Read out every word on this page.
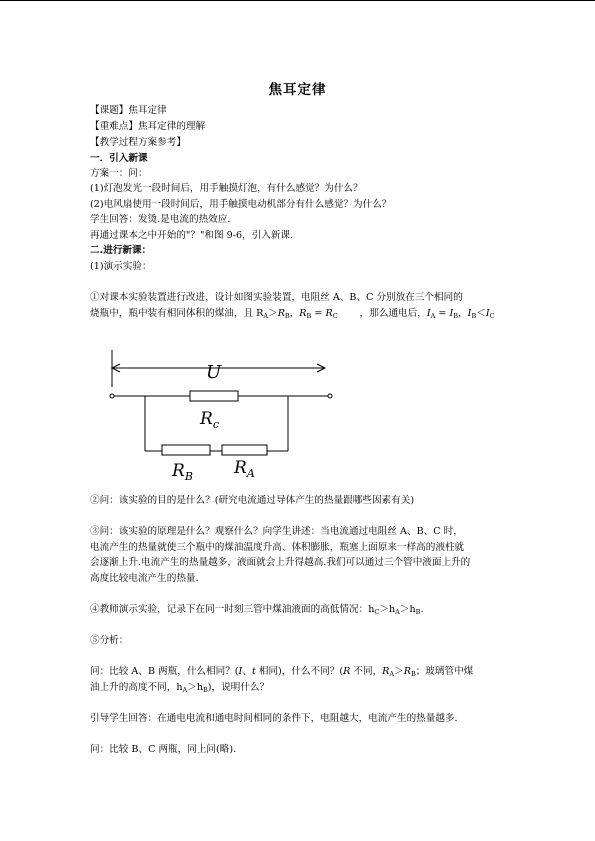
焦耳定律
【课题】焦耳定律
【重难点】焦耳定律的理解
【教学过程方案参考】
一．引入新课
方案一：问：
(1)灯泡发光一段时间后，用手触摸灯泡，有什么感觉？为什么？
(2)电风扇使用一段时间后，用手触摸电动机部分有什么感觉？为什么？
学生回答：发烫.是电流的热效应.
再通过课本之中开始的"？"和图 9-6，引入新课.
二.进行新课：
(1)演示实验：
①对课本实验装置进行改进，设计如图实验装置，电阻丝 A、B、C 分别放在三个相同的
烧瓶中，瓶中装有相同体积的煤油，且 $R_A>R_B$，$R_B = R_C$ ，那么通电后，$I_A = I_B$，$I_B<I_C$
U
$R_c$
$R_B$ $R_A$
②问：该实验的目的是什么？(研究电流通过导体产生的热量跟哪些因素有关)
③问：该实验的原理是什么？观察什么？向学生讲述：当电流通过电阻丝 A、B、C 时，
电流产生的热量就使三个瓶中的煤油温度升高、体积膨胀，瓶塞上面原来一样高的液柱就
会逐渐上升.电流产生的热量越多，液面就会上升得越高.我们可以通过三个管中液面上升的
高度比较电流产生的热量.
④教师演示实验，记录下在同一时刻三管中煤油液面的高低情况：$h_C>h_A>h_B$.
⑤分析：
问：比较 A、B 两瓶，什么相同？(I、t 相同)，什么不同？(R 不同，$R_A>R_B$；玻璃管中煤
油上升的高度不同，$h_A>h_B$)，说明什么？
引导学生回答：在通电电流和通电时间相同的条件下，电阻越大，电流产生的热量越多.
问：比较 B、C 两瓶，同上问(略).
